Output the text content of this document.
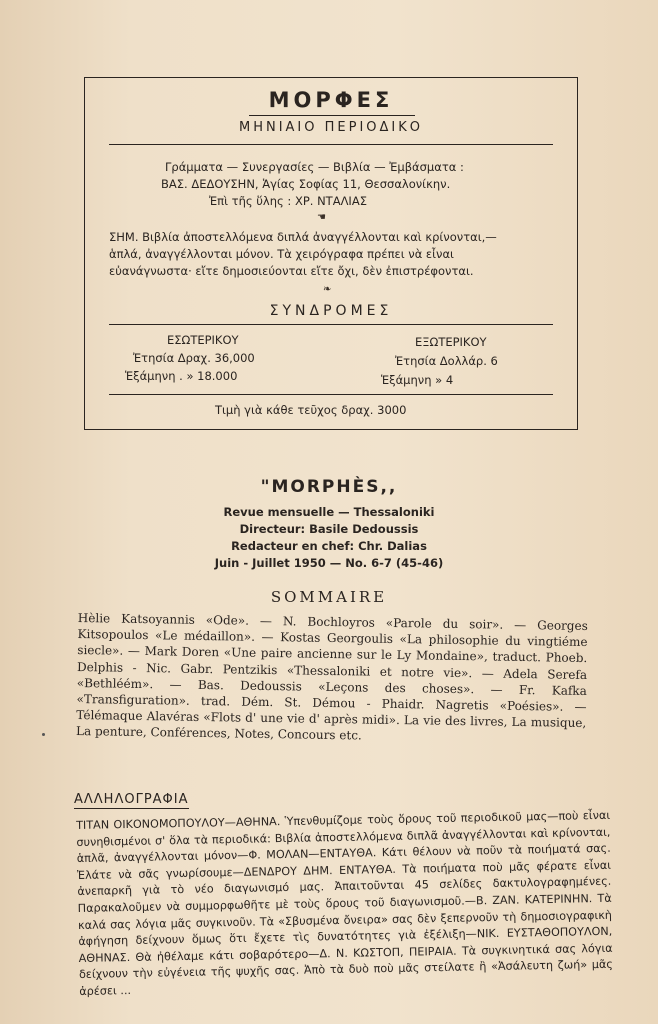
ΜΟΡΦΕΣ
ΜΗΝΙΑΙΟ ΠΕΡΙΟΔΙΚΟ
Γράμματα — Συνεργασίες — Βιβλία — Ἐμβάσματα :
ΒΑΣ. ΔΕΔΟΥΣΗΝ, Ἁγίας Σοφίας 11, Θεσσαλονίκην.
Ἐπὶ τῆς ὕλης : ΧΡ. ΝΤΑΛΙΑΣ
☚
ΣΗΜ. Βιβλία ἀποστελλόμενα διπλά ἀναγγέλλονται καὶ κρίνονται,—
ἁπλά, ἀναγγέλλονται μόνον. Τὰ χειρόγραφα πρέπει νὰ εἶναι
εὐανάγνωστα· εἴτε δημοσιεύονται εἴτε ὄχι, δὲν ἐπιστρέφονται.
❧
ΣΥΝΔΡΟΜΕΣ
ΕΣΩΤΕΡΙΚΟΥ
Ἐτησία Δραχ. 36,000
Ἑξάμηνη . » 18.000
ΕΞΩΤΕΡΙΚΟΥ
Ἐτησία Δολλάρ. 6
Ἑξάμηνη » 4
Τιμὴ γιὰ κάθε τεῦχος δραχ. 3000
"MORPHÈS,,
Revue mensuelle — Thessaloniki
Directeur: Basile Dedoussis
Redacteur en chef: Chr. Dalias
Juin - Juillet 1950 — No. 6-7 (45-46)
SOMMAIRE
Hèlie Katsoyannis «Ode». — N. Bochloyros «Parole du soir». — Georges Kitsopoulos «Le médaillon». — Kostas Georgoulis «La philosophie du vingtiéme siecle». — Mark Doren «Une paire ancienne sur le Ly Mondaine», traduct. Phoeb. Delphis - Nic. Gabr. Pentzikis «Thessaloniki et notre vie». — Adela Serefa «Bethléém». — Bas. Dedoussis «Leçons des choses». — Fr. Kafka «Transfiguration». trad. Dém. St. Démou - Phaidr. Nagretis «Poésies». — Télémaque Alavéras «Flots d' une vie d' après midi». La vie des livres, La musique, La penture, Conférences, Notes, Concours etc.
ΑΛΛΗΛΟΓΡΑΦΙΑ
ΤΙΤΑΝ ΟΙΚΟΝΟΜΟΠΟΥΛΟΥ—ΑΘΗΝΑ. Ὑπενθυμίζομε τοὺς ὅρους τοῦ περιοδικοῦ μας—ποὺ εἶναι συνηθισμένοι σ' ὅλα τὰ περιοδικά: Βιβλία ἀποστελλόμενα διπλᾶ ἀναγγέλλονται καὶ κρίνονται, ἁπλᾶ, ἀναγγέλλονται μόνον—Φ. ΜΟΛΑΝ—ΕΝΤΑΥΘΑ. Κάτι θέλουν νὰ ποῦν τὰ ποιήματά σας. Ἐλάτε νὰ σᾶς γνωρίσουμε—ΔΕΝΔΡΟΥ ΔΗΜ. ΕΝΤΑΥΘΑ. Τὰ ποιήματα ποὺ μᾶς φέρατε εἶναι ἀνεπαρκῆ γιὰ τὸ νέο διαγωνισμό μας. Ἀπαιτοῦνται 45 σελίδες δακτυλογραφημένες. Παρακαλοῦμεν νὰ συμμορφωθῆτε μὲ τοὺς ὅρους τοῦ διαγωνισμοῦ.—Β. ΖΑΝ. ΚΑΤΕΡΙΝΗΝ. Τὰ καλά σας λόγια μᾶς συγκινοῦν. Τὰ «Σβυσμένα ὄνειρα» σας δὲν ξεπερνοῦν τὴ δημοσιογραφικὴ ἀφήγηση δείχνουν ὅμως ὅτι ἔχετε τὶς δυνατότητες γιὰ ἐξέλιξη—ΝΙΚ. ΕΥΣΤΑΘΟΠΟΥΛΟΝ, ΑΘΗΝΑΣ. Θὰ ἠθέλαμε κάτι σοβαρότερο—Δ. Ν. ΚΩΣΤΟΠ, ΠΕΙΡΑΙΑ. Τὰ συγκινητικά σας λόγια δείχνουν τὴν εὐγένεια τῆς ψυχῆς σας. Ἀπὸ τὰ δυὸ ποὺ μᾶς στείλατε ἢ «Ἀσάλευτη ζωή» μᾶς ἀρέσει ...
